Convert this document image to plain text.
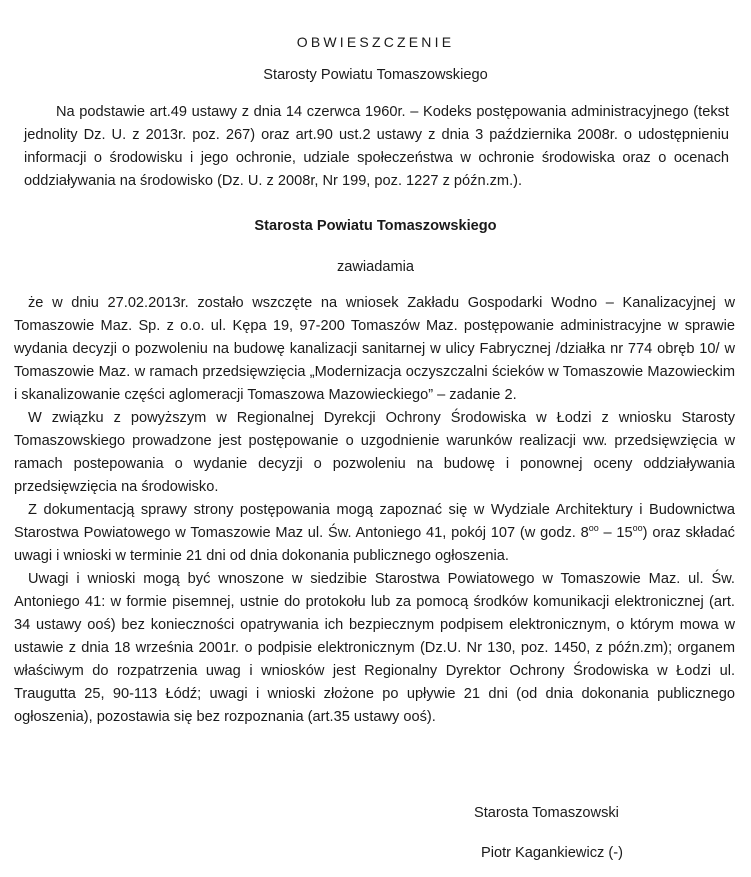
OBWIESZCZENIE
Starosty Powiatu Tomaszowskiego

Na podstawie art.49 ustawy z dnia 14 czerwca 1960r. – Kodeks postępowania administracyjnego (tekst jednolity Dz. U. z 2013r. poz. 267) oraz art.90 ust.2 ustawy z dnia 3 października 2008r. o udostępnieniu informacji o środowisku i jego ochronie, udziale społeczeństwa w ochronie środowiska oraz o ocenach oddziaływania na środowisko (Dz. U. z 2008r, Nr 199, poz. 1227 z późn.zm.).

Starosta Powiatu Tomaszowskiego
zawiadamia

że w dniu 27.02.2013r. zostało wszczęte na wniosek Zakładu Gospodarki Wodno – Kanalizacyjnej w Tomaszowie Maz. Sp. z o.o. ul. Kępa 19, 97-200 Tomaszów Maz. postępowanie administracyjne w sprawie wydania decyzji o pozwoleniu na budowę kanalizacji sanitarnej w ulicy Fabrycznej /działka nr 774 obręb 10/ w Tomaszowie Maz. w ramach przedsięwzięcia „Modernizacja oczyszczalni ścieków w Tomaszowie Mazowieckim i skanalizowanie części aglomeracji Tomaszowa Mazowieckiego” – zadanie 2.

W związku z powyższym w Regionalnej Dyrekcji Ochrony Środowiska w Łodzi z wniosku Starosty Tomaszowskiego prowadzone jest postępowanie o uzgodnienie warunków realizacji ww. przedsięwzięcia w ramach postepowania o wydanie decyzji o pozwoleniu na budowę i ponownej oceny oddziaływania przedsięwzięcia na środowisko.

Z dokumentacją sprawy strony postępowania mogą zapoznać się w Wydziale Architektury i Budownictwa Starostwa Powiatowego w Tomaszowie Maz ul. Św. Antoniego 41, pokój 107 (w godz. $8^{oo} - 15^{oo}$) oraz składać uwagi i wnioski w terminie 21 dni od dnia dokonania publicznego ogłoszenia.

Uwagi i wnioski mogą być wnoszone w siedzibie Starostwa Powiatowego w Tomaszowie Maz. ul. Św. Antoniego 41: w formie pisemnej, ustnie do protokołu lub za pomocą środków komunikacji elektronicznej (art. 34 ustawy ooś) bez konieczności opatrywania ich bezpiecznym podpisem elektronicznym, o którym mowa w ustawie z dnia 18 września 2001r. o podpisie elektronicznym (Dz.U. Nr 130, poz. 1450, z późn.zm); organem właściwym do rozpatrzenia uwag i wniosków jest Regionalny Dyrektor Ochrony Środowiska w Łodzi ul. Traugutta 25, 90-113 Łódź; uwagi i wnioski złożone po upływie 21 dni (od dnia dokonania publicznego ogłoszenia), pozostawia się bez rozpoznania (art.35 ustawy ooś).

Starosta Tomaszowski
Piotr Kagankiewicz (-)
